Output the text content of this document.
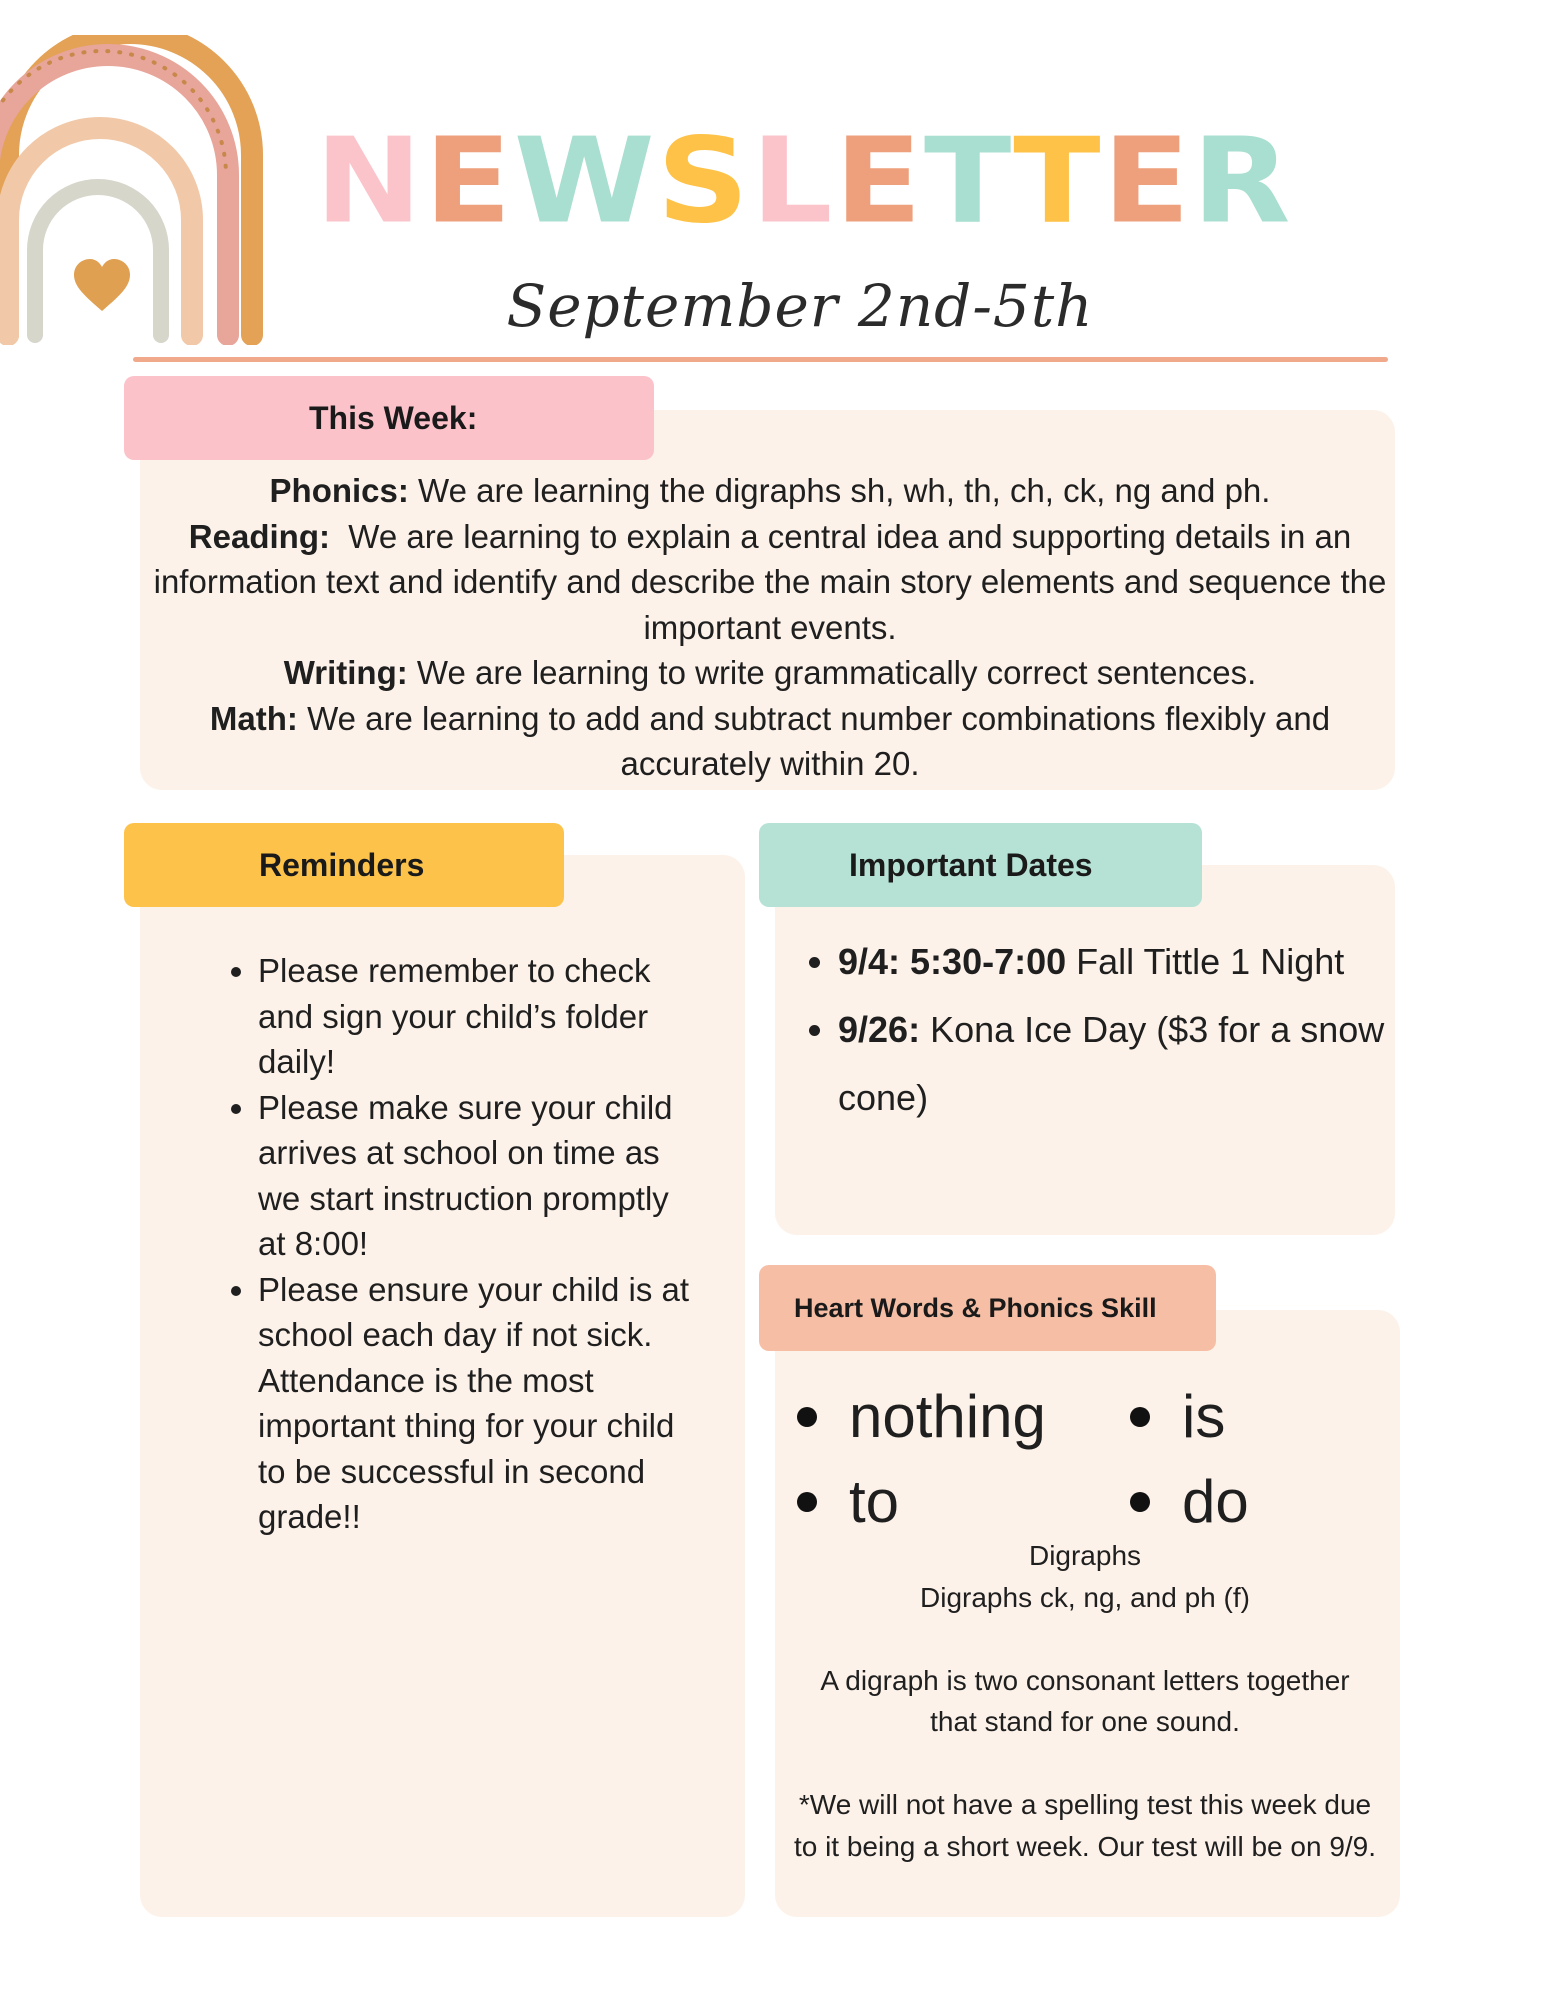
NEWSLETTER
September 2nd-5th
This Week:
Phonics: We are learning the digraphs sh, wh, th, ch, ck, ng and ph.
Reading:  We are learning to explain a central idea and supporting details in an information text and identify and describe the main story elements and sequence the important events.
Writing: We are learning to write grammatically correct sentences.
Math: We are learning to add and subtract number combinations flexibly and accurately within 20.
Reminders
• Please remember to check and sign your child’s folder daily!
• Please make sure your child arrives at school on time as we start instruction promptly at 8:00!
• Please ensure your child is at school each day if not sick. Attendance is the most important thing for your child to be successful in second grade!!
Important Dates
• 9/4: 5:30-7:00 Fall Tittle 1 Night
• 9/26: Kona Ice Day ($3 for a snow cone)
Heart Words & Phonics Skill
nothing is
to	do
Digraphs
Digraphs ck, ng, and ph (f)
A digraph is two consonant letters together that stand for one sound.
*We will not have a spelling test this week due to it being a short week. Our test will be on 9/9.
